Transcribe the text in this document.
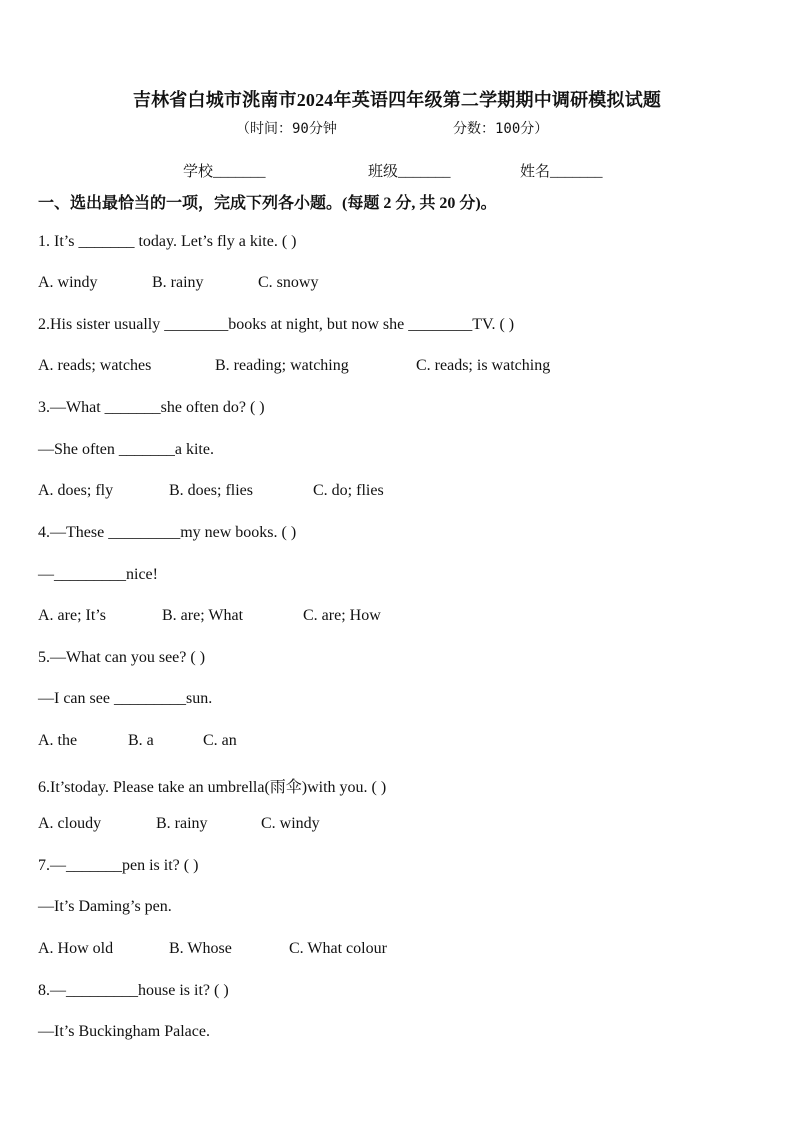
吉林省白城市洮南市2024年英语四年级第二学期期中调研模拟试题
（时间：90分钟	分数：100分）
学校_______	班级_______	姓名_______
一、选出最恰当的一项，完成下列各小题。(每题 2 分, 共 20 分)。
1. It’s _______ today. Let’s fly a kite. ( )
A. windy	B. rainy	C. snowy
2.His sister usually ________books at night, but now she ________TV. ( )
A. reads; watches	B. reading; watching	C. reads; is watching
3.—What _______she often do? ( )
—She often _______a kite.
A. does; fly	B. does; flies	C. do; flies
4.—These _________my new books. ( )
—_________nice!
A. are; It’s	B. are; What	C. are; How
5.—What can you see? ( )
—I can see _________sun.
A. the	B. a	C. an
6.It’stoday. Please take an umbrella(雨伞)with you. ( )
A. cloudy	B. rainy	C. windy
7.—_______pen is it? ( )
—It’s Daming’s pen.
A. How old	B. Whose	C. What colour
8.—_________house is it? ( )
—It’s Buckingham Palace.
